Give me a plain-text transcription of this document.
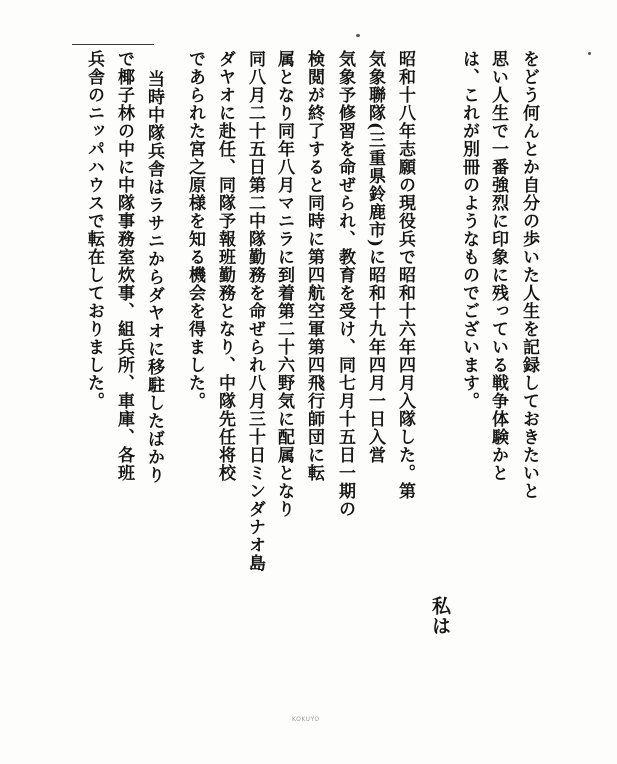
をどう何んとか自分の歩いた人生を記録しておきたいと
思い人生で一番強烈に印象に残っている戦争体験かと
は、これが別冊のようなものでございます。
私は
昭和十八年志願の現役兵で昭和十六年四月入隊した。第
気象聯隊(三重県鈴鹿市)に昭和十九年四月一日入営
気象予修習を命ぜられ、教育を受け、同七月十五日一期の
検閲が終了すると同時に第四航空軍第四飛行師団に転
属となり同年八月マニラに到着第二十六野気に配属となり
同八月二十五日第二中隊勤務を命ぜられ八月三十日ミンダナオ島
ダヤオに赴任、同隊予報班勤務となり、中隊先任将校
であられた宮之原様を知る機会を得ました。
当時中隊兵舎はラサニからダヤオに移駐したばかり
で椰子林の中に中隊事務室炊事、組兵所、車庫、各班
兵舎のニッパハウスで転在しておりました。
KOKUYO
